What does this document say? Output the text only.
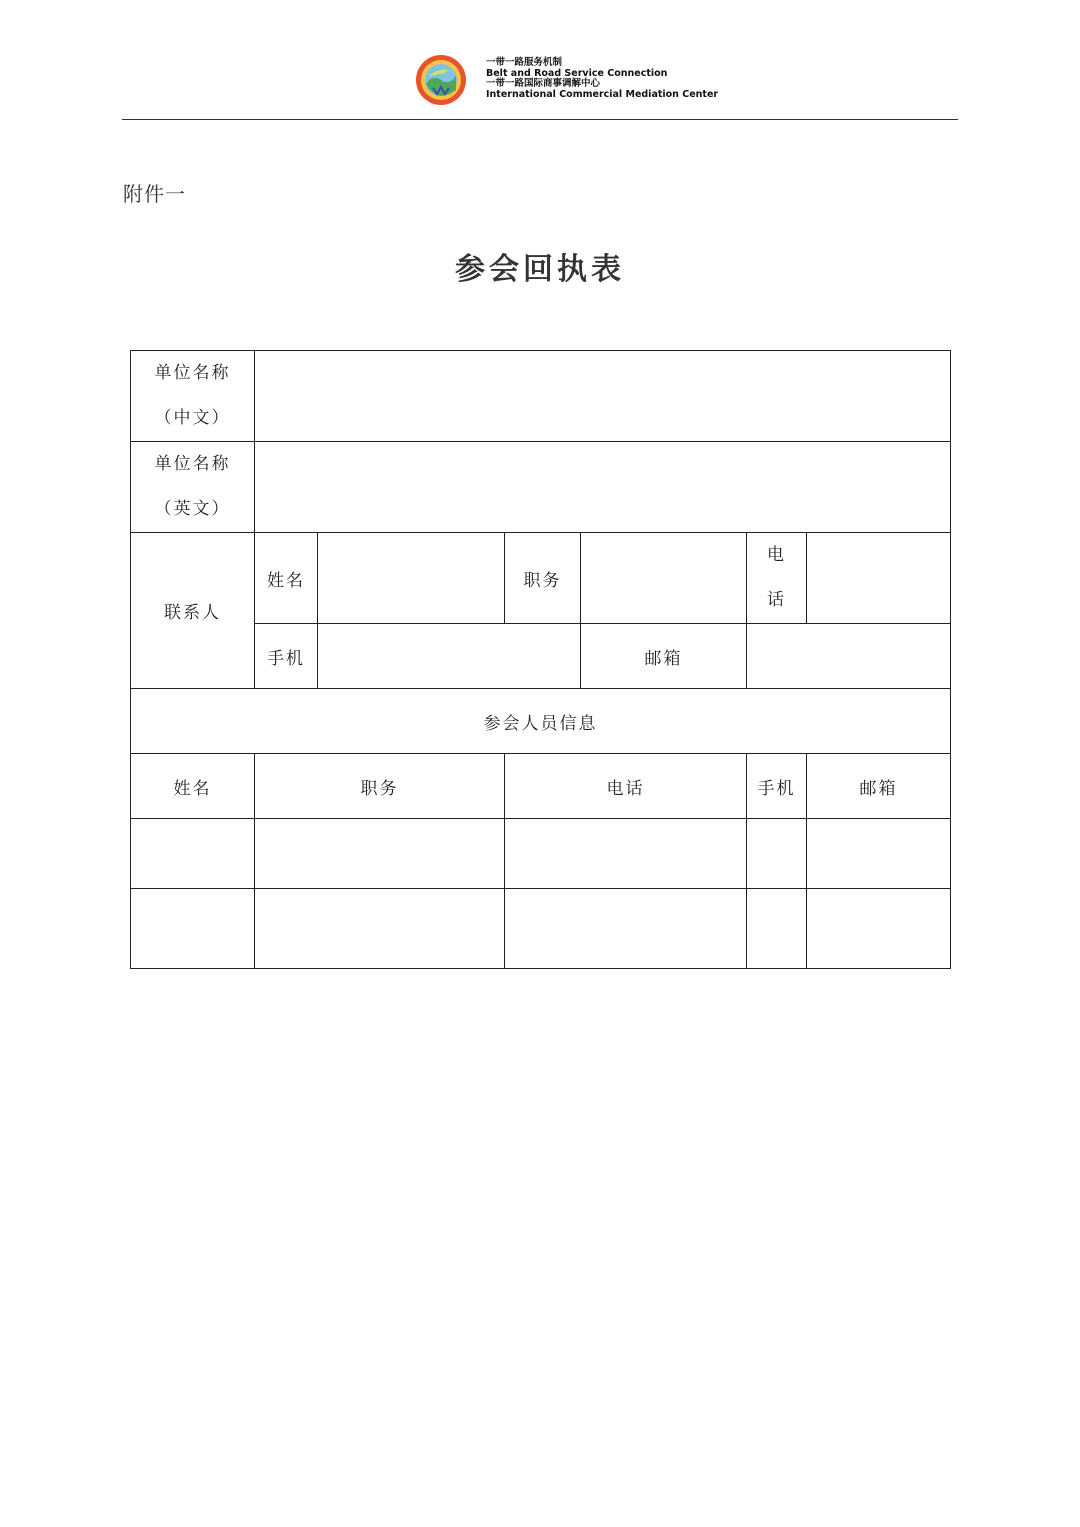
一带一路服务机制
Belt and Road Service Connection
一带一路国际商事调解中心
International Commercial Mediation Center
附件一
参会回执表
单位名称
（中文）						

单位名称
（英文）						

联系人	姓名		职务		电
话	

	手机			邮箱		
参会人员信息						
姓名	职务		电话		手机	邮箱
